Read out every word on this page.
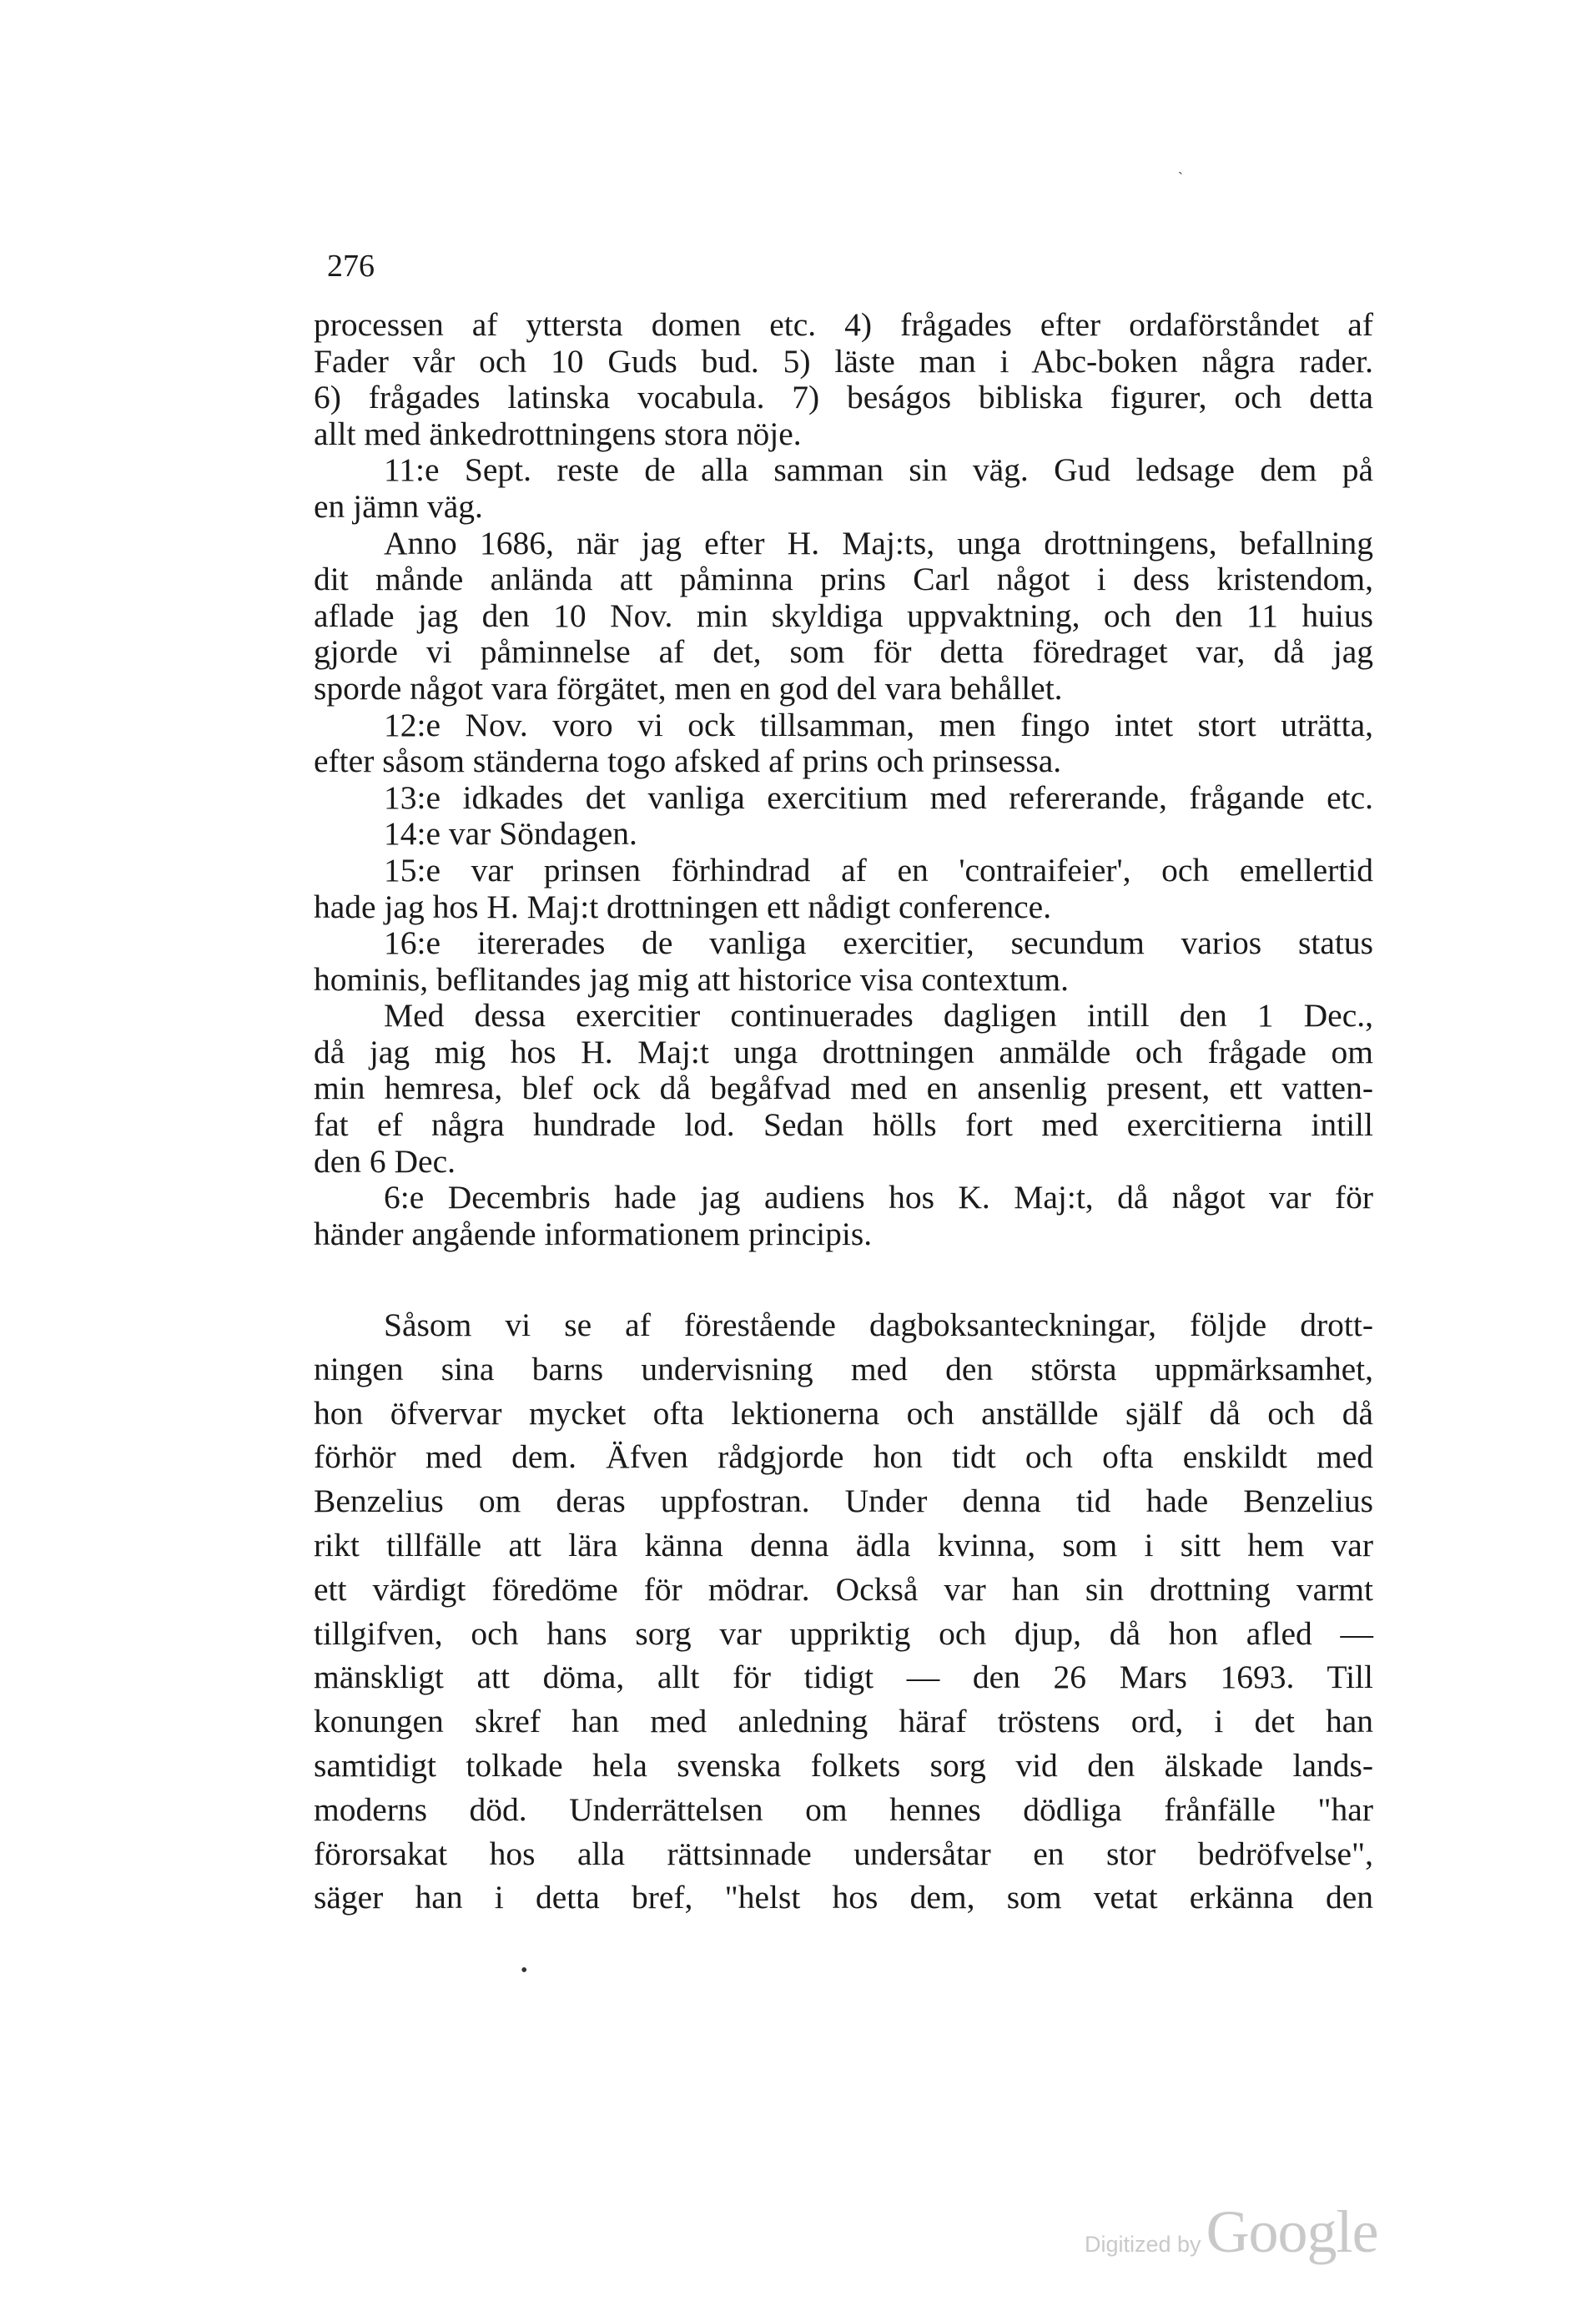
276
`
processen af yttersta domen etc. 4) frågades efter ordaförståndet af
Fader vår och 10 Guds bud. 5) läste man i Abc-boken några rader.
6) frågades latinska vocabula. 7) beságos bibliska figurer, och detta
allt med änkedrottningens stora nöje.
11:e Sept. reste de alla samman sin väg. Gud ledsage dem på
en jämn väg.
Anno 1686, när jag efter H. Maj:ts, unga drottningens, befallning
dit månde anlända att påminna prins Carl något i dess kristendom,
aflade jag den 10 Nov. min skyldiga uppvaktning, och den 11 huius
gjorde vi påminnelse af det, som för detta föredraget var, då jag
sporde något vara förgätet, men en god del vara behållet.
12:e Nov. voro vi ock tillsamman, men fingo intet stort uträtta,
efter såsom ständerna togo afsked af prins och prinsessa.
13:e idkades det vanliga exercitium med refererande, frågande etc.
14:e var Söndagen.
15:e var prinsen förhindrad af en 'contraifeier', och emellertid
hade jag hos H. Maj:t drottningen ett nådigt conference.
16:e itererades de vanliga exercitier, secundum varios status
hominis, beflitandes jag mig att historice visa contextum.
Med dessa exercitier continuerades dagligen intill den 1 Dec.,
då jag mig hos H. Maj:t unga drottningen anmälde och frågade om
min hemresa, blef ock då begåfvad med en ansenlig present, ett vatten-
fat ef några hundrade lod. Sedan hölls fort med exercitierna intill
den 6 Dec.
6:e Decembris hade jag audiens hos K. Maj:t, då något var för
händer angående informationem principis.
Såsom vi se af förestående dagboksanteckningar, följde drott-
ningen sina barns undervisning med den största uppmärksamhet,
hon öfvervar mycket ofta lektionerna och anställde själf då och då
förhör med dem. Äfven rådgjorde hon tidt och ofta enskildt med
Benzelius om deras uppfostran. Under denna tid hade Benzelius
rikt tillfälle att lära känna denna ädla kvinna, som i sitt hem var
ett värdigt föredöme för mödrar. Också var han sin drottning varmt
tillgifven, och hans sorg var uppriktig och djup, då hon afled —
mänskligt att döma, allt för tidigt — den 26 Mars 1693. Till
konungen skref han med anledning häraf tröstens ord, i det han
samtidigt tolkade hela svenska folkets sorg vid den älskade lands-
moderns död. Underrättelsen om hennes dödliga frånfälle "har
förorsakat hos alla rättsinnade undersåtar en stor bedröfvelse",
säger han i detta bref, "helst hos dem, som vetat erkänna den
•
Digitized by Google
